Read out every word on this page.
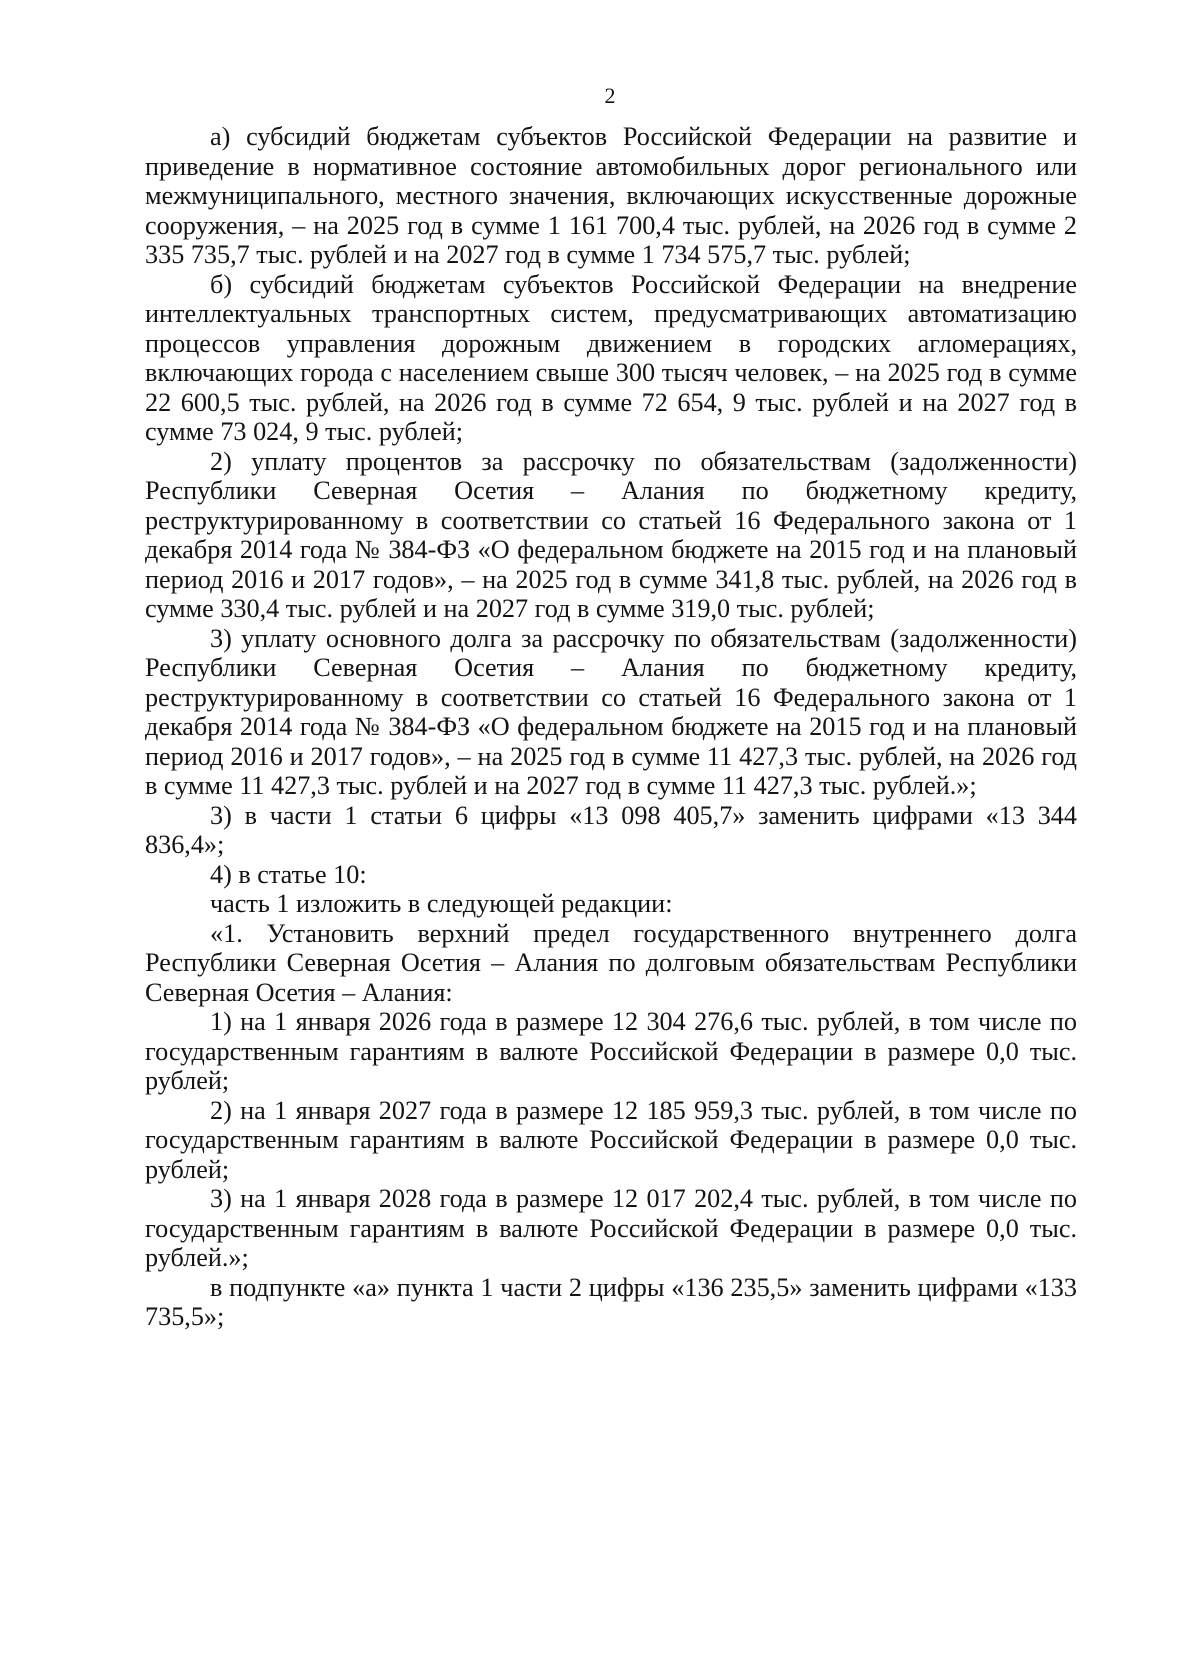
2

а) субсидий бюджетам субъектов Российской Федерации на развитие и приведение в нормативное состояние автомобильных дорог регионального или межмуниципального, местного значения, включающих искусственные дорожные сооружения, – на 2025 год в сумме 1 161 700,4 тыс. рублей, на 2026 год в сумме 2 335 735,7 тыс. рублей и на 2027 год в сумме 1 734 575,7 тыс. рублей;

б) субсидий бюджетам субъектов Российской Федерации на внедрение интеллектуальных транспортных систем, предусматривающих автоматизацию процессов управления дорожным движением в городских агломерациях, включающих города с населением свыше 300 тысяч человек, – на 2025 год в сумме 22 600,5 тыс. рублей, на 2026 год в сумме 72 654, 9 тыс. рублей и на 2027 год в сумме 73 024, 9 тыс. рублей;

2) уплату процентов за рассрочку по обязательствам (задолженности) Республики Северная Осетия – Алания по бюджетному кредиту, реструктурированному в соответствии со статьей 16 Федерального закона от 1 декабря 2014 года № 384-ФЗ «О федеральном бюджете на 2015 год и на плановый период 2016 и 2017 годов», – на 2025 год в сумме 341,8 тыс. рублей, на 2026 год в сумме 330,4 тыс. рублей и на 2027 год в сумме 319,0 тыс. рублей;

3) уплату основного долга за рассрочку по обязательствам (задолженности) Республики Северная Осетия – Алания по бюджетному кредиту, реструктурированному в соответствии со статьей 16 Федерального закона от 1 декабря 2014 года № 384-ФЗ «О федеральном бюджете на 2015 год и на плановый период 2016 и 2017 годов», – на 2025 год в сумме 11 427,3 тыс. рублей, на 2026 год в сумме 11 427,3 тыс. рублей и на 2027 год в сумме 11 427,3 тыс. рублей.»;

3) в части 1 статьи 6 цифры «13 098 405,7» заменить цифрами «13 344 836,4»;

4) в статье 10:

часть 1 изложить в следующей редакции:

«1. Установить верхний предел государственного внутреннего долга Республики Северная Осетия – Алания по долговым обязательствам Республики Северная Осетия – Алания:

1) на 1 января 2026 года в размере 12 304 276,6 тыс. рублей, в том числе по государственным гарантиям в валюте Российской Федерации в размере 0,0 тыс. рублей;

2) на 1 января 2027 года в размере 12 185 959,3 тыс. рублей, в том числе по государственным гарантиям в валюте Российской Федерации в размере 0,0 тыс. рублей;

3) на 1 января 2028 года в размере 12 017 202,4 тыс. рублей, в том числе по государственным гарантиям в валюте Российской Федерации в размере 0,0 тыс. рублей.»;

в подпункте «а» пункта 1 части 2 цифры «136 235,5» заменить цифрами «133 735,5»;
